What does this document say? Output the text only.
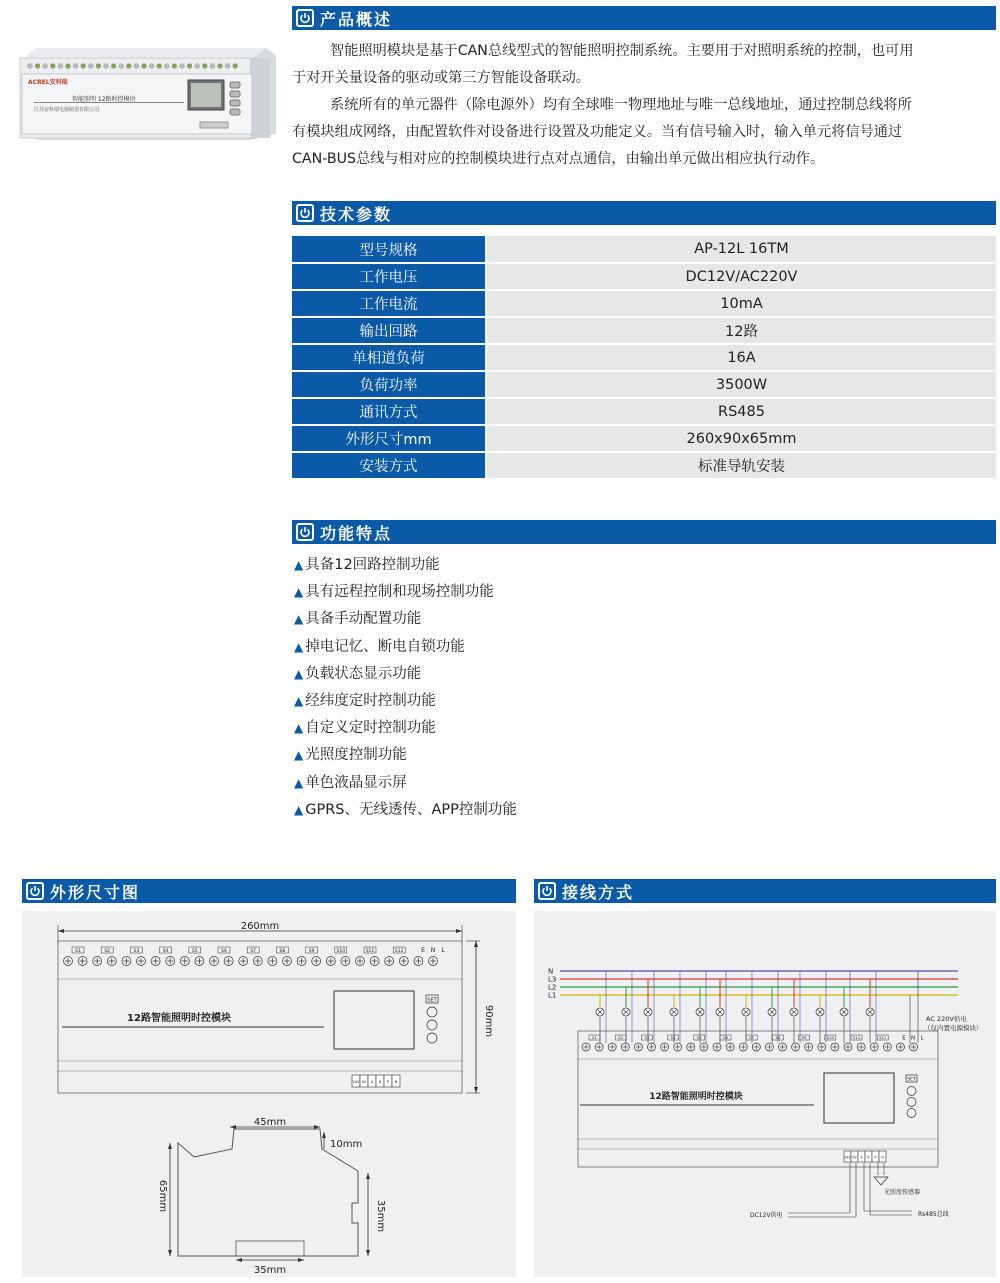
ACREL安科瑞
智能照明 12路时控模块
江苏安科瑞电器制造有限公司
产品概述
智能照明模块是基于CAN总线型式的智能照明控制系统。主要用于对照明系统的控制，也可用
于对开关量设备的驱动或第三方智能设备联动。
系统所有的单元器件（除电源外）均有全球唯一物理地址与唯一总线地址，通过控制总线将所
有模块组成网络，由配置软件对设备进行设置及功能定义。当有信号输入时，输入单元将信号通过
CAN-BUS总线与相对应的控制模块进行点对点通信，由输出单元做出相应执行动作。
技术参数
型号规格	AP-12L 16TM
工作电压	DC12V/AC220V
工作电流	10mA
输出回路	12路
单相道负荷	16A
负荷功率	3500W
通讯方式	RS485
外形尺寸mm	260x90x65mm
安装方式	标准导轨安装
功能特点
▲ 具备12回路控制功能
▲ 具有远程控制和现场控制功能
▲ 具备手动配置功能
▲ 掉电记忆、断电自锁功能
▲ 负载状态显示功能
▲ 经纬度定时控制功能
▲ 自定义定时控制功能
▲ 光照度控制功能
▲ 单色液晶显示屏
▲ GPRS、无线透传、APP控制功能
外形尺寸图
260mm
S1	S2	S3	S4	S5	S6	S7	S8	S9	S10	S11	S12	E N L
12路智能照明时控模块
SET
24V 0V A B P N
90mm
45mm
10mm
65mm
35mm
35mm
接线方式
N
L3
L2
L1
S1	S2	S3	S4	S5	S6	S7	S8	S9	S10	S11	S12	E N L
12路智能照明时控模块
SET
24V 0V A B P N
AC 220V供电
（仅内置电源模块）
光照度传感器
DC12V供电	Rs485总线
